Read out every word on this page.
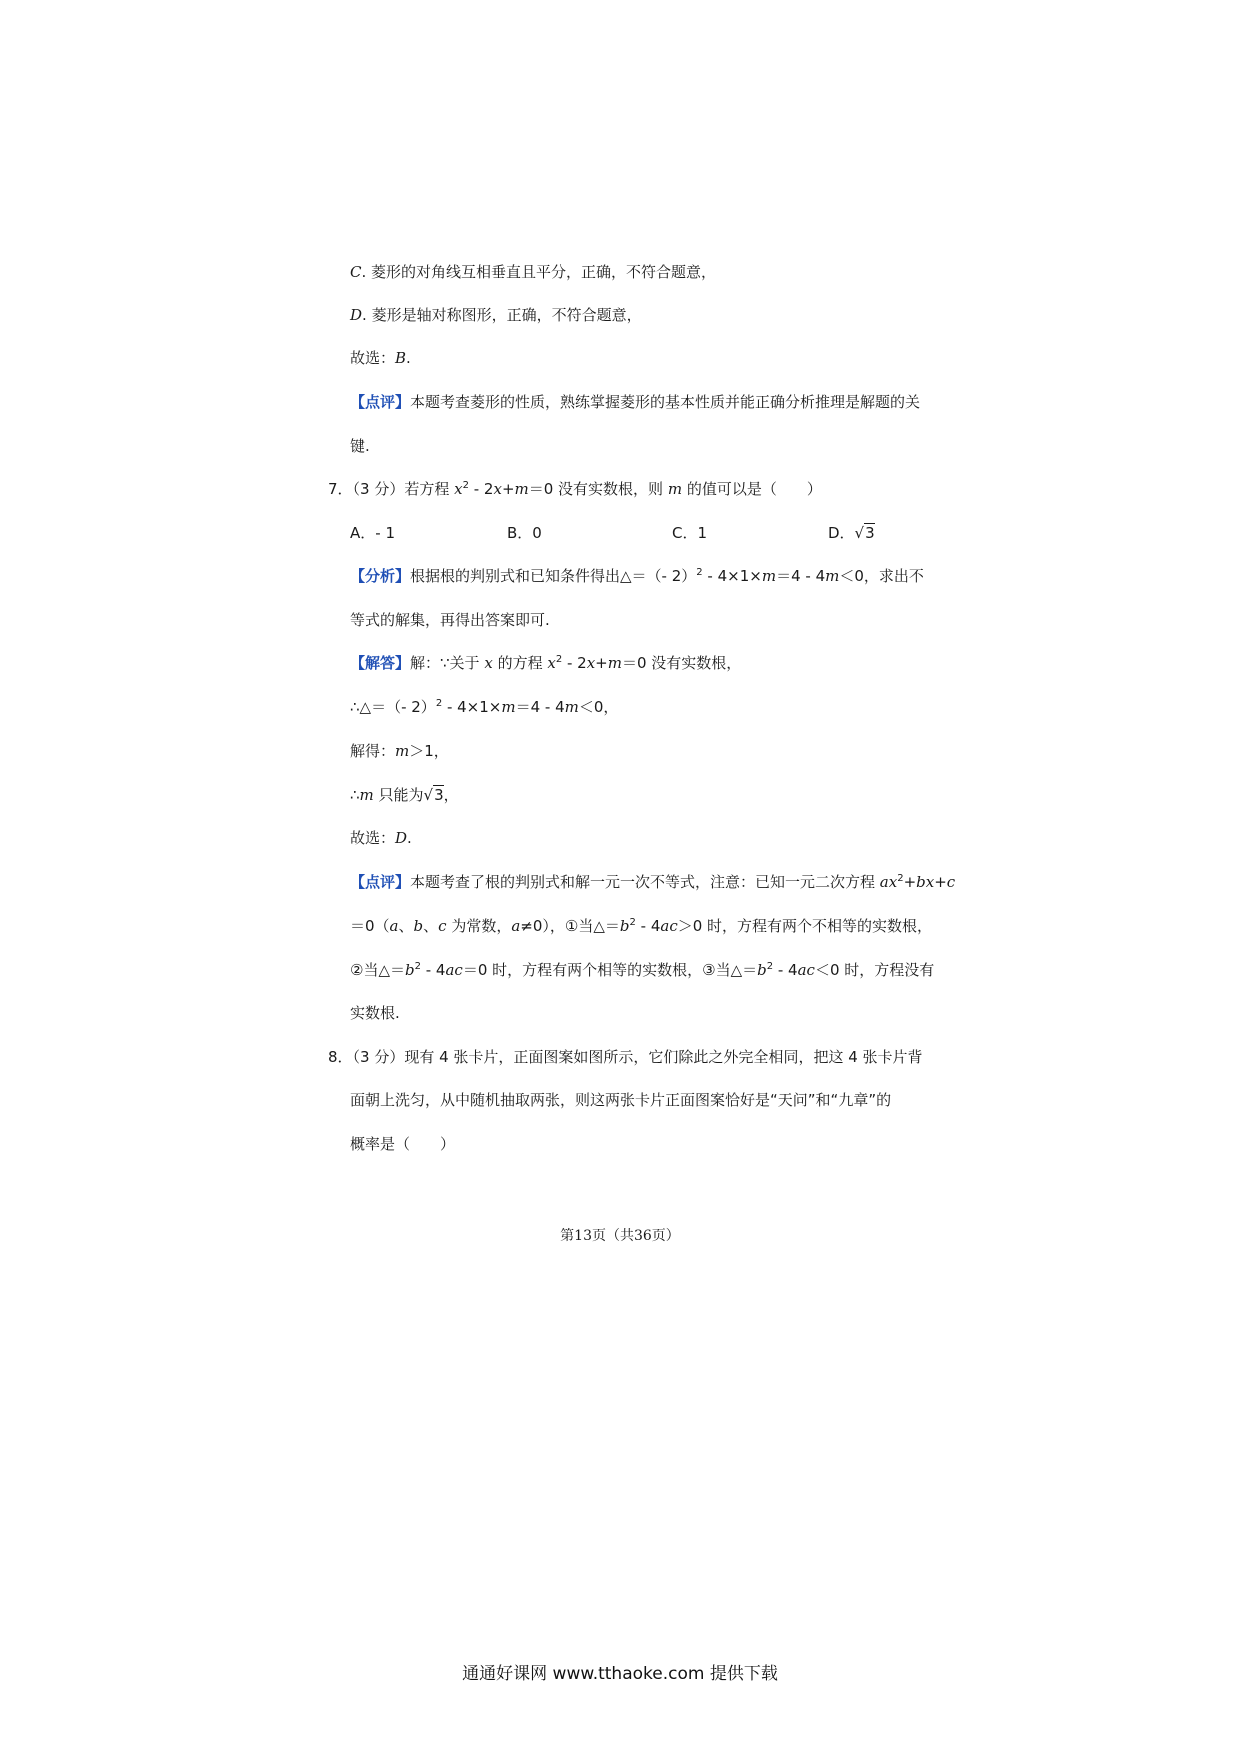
C. 菱形的对角线互相垂直且平分，正确，不符合题意，
D. 菱形是轴对称图形，正确，不符合题意，
故选：B.
【点评】本题考查菱形的性质，熟练掌握菱形的基本性质并能正确分析推理是解题的关
键.
7．（3 分）若方程 $x^2 - 2x+m=0$ 没有实数根，则 m 的值可以是（　　）
A．- 1	B．0	C．1	D．√3
【分析】根据根的判别式和已知条件得出△＝（- 2）$^2$ - 4×1×m＝4 - 4m＜0，求出不
等式的解集，再得出答案即可.
【解答】解：∵关于 x 的方程 $x^2 - 2x+m=0$ 没有实数根，
∴△＝（- 2）$^2$ - 4×1×m＝4 - 4m＜0，
解得：m＞1，
∴m 只能为√3，
故选：D.
【点评】本题考查了根的判别式和解一元一次不等式，注意：已知一元二次方程 $ax^2+bx+c$
＝0（a、b、c 为常数，a≠0），①当$\triangle=b^2 - 4ac>0$ 时，方程有两个不相等的实数根，
②当$\triangle=b^2 - 4ac=0$ 时，方程有两个相等的实数根，③当$\triangle=b^2 - 4ac<0$ 时，方程没有
实数根.
8．（3 分）现有 4 张卡片，正面图案如图所示，它们除此之外完全相同，把这 4 张卡片背
面朝上洗匀，从中随机抽取两张，则这两张卡片正面图案恰好是“天问”和“九章”的
概率是（　　）
第13页（共36页）
通通好课网 www.tthaoke.com 提供下载
